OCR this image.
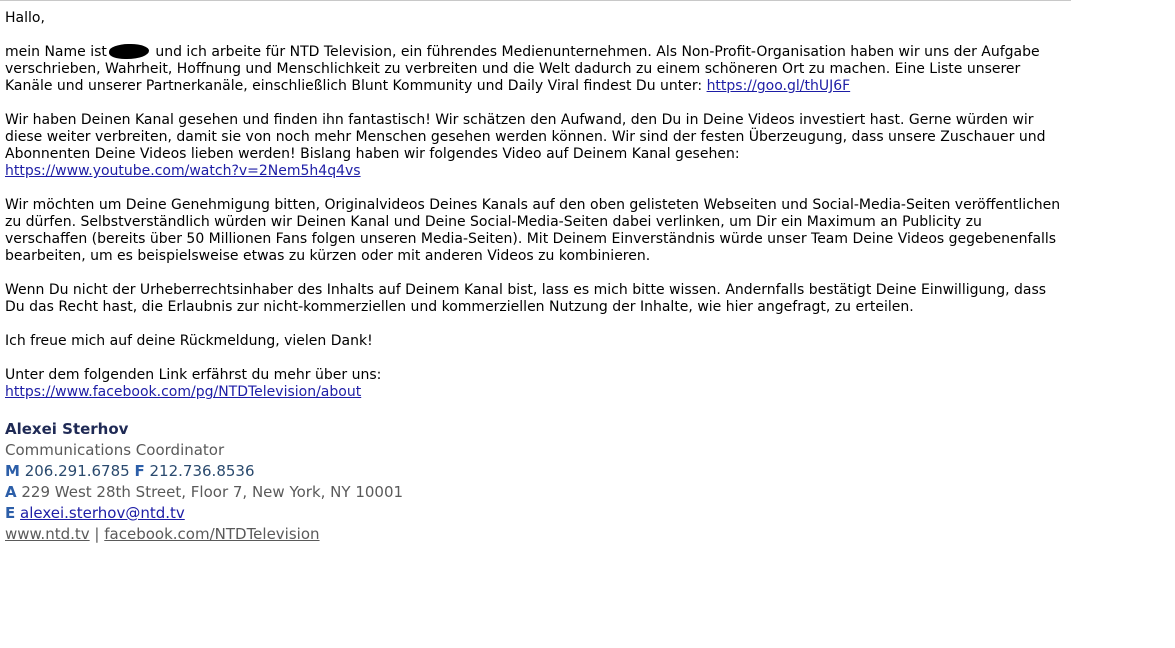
Hallo,

mein Name ist	und ich arbeite für NTD Television, ein führendes Medienunternehmen. Als Non-Profit-Organisation haben wir uns der Aufgabe verschrieben, Wahrheit, Hoffnung und Menschlichkeit zu verbreiten und die Welt dadurch zu einem schöneren Ort zu machen. Eine Liste unserer Kanäle und unserer Partnerkanäle, einschließlich Blunt Kommunity und Daily Viral findest Du unter: https://goo.gl/thUJ6F

Wir haben Deinen Kanal gesehen und finden ihn fantastisch! Wir schätzen den Aufwand, den Du in Deine Videos investiert hast. Gerne würden wir diese weiter verbreiten, damit sie von noch mehr Menschen gesehen werden können. Wir sind der festen Überzeugung, dass unsere Zuschauer und Abonnenten Deine Videos lieben werden! Bislang haben wir folgendes Video auf Deinem Kanal gesehen:
https://www.youtube.com/watch?v=2Nem5h4q4vs

Wir möchten um Deine Genehmigung bitten, Originalvideos Deines Kanals auf den oben gelisteten Webseiten und Social-Media-Seiten veröffentlichen zu dürfen. Selbstverständlich würden wir Deinen Kanal und Deine Social-Media-Seiten dabei verlinken, um Dir ein Maximum an Publicity zu verschaffen (bereits über 50 Millionen Fans folgen unseren Media-Seiten). Mit Deinem Einverständnis würde unser Team Deine Videos gegebenenfalls bearbeiten, um es beispielsweise etwas zu kürzen oder mit anderen Videos zu kombinieren.

Wenn Du nicht der Urheberrechtsinhaber des Inhalts auf Deinem Kanal bist, lass es mich bitte wissen. Andernfalls bestätigt Deine Einwilligung, dass Du das Recht hast, die Erlaubnis zur nicht-kommerziellen und kommerziellen Nutzung der Inhalte, wie hier angefragt, zu erteilen.

Ich freue mich auf deine Rückmeldung, vielen Dank!

Unter dem folgenden Link erfährst du mehr über uns:
https://www.facebook.com/pg/NTDTelevision/about

Alexei Sterhov
Communications Coordinator
M 206.291.6785 F 212.736.8536
A 229 West 28th Street, Floor 7, New York, NY 10001
E alexei.sterhov@ntd.tv
www.ntd.tv | facebook.com/NTDTelevision
